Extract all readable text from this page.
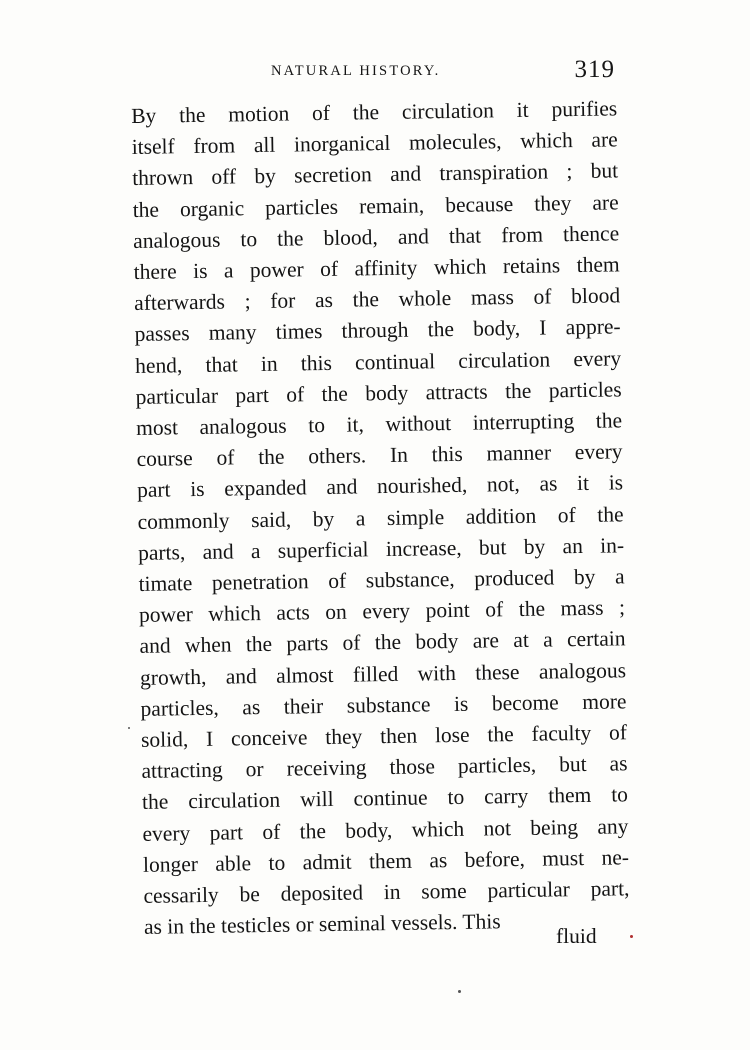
NATURAL HISTORY.	319
By the motion of the circulation it purifies
itself from all inorganical molecules, which are
thrown off by secretion and transpiration ; but
the organic particles remain, because they are
analogous to the blood, and that from thence
there is a power of affinity which retains them
afterwards ; for as the whole mass of blood
passes many times through the body, I appre-
hend, that in this continual circulation every
particular part of the body attracts the particles
most analogous to it, without interrupting the
course of the others. In this manner every
part is expanded and nourished, not, as it is
commonly said, by a simple addition of the
parts, and a superficial increase, but by an in-
timate penetration of substance, produced by a
power which acts on every point of the mass ;
and when the parts of the body are at a certain
growth, and almost filled with these analogous
particles, as their substance is become more
solid, I conceive they then lose the faculty of
attracting or receiving those particles, but as
the circulation will continue to carry them to
every part of the body, which not being any
longer able to admit them as before, must ne-
cessarily be deposited in some particular part,
as in the testicles or seminal vessels. This	fluid
